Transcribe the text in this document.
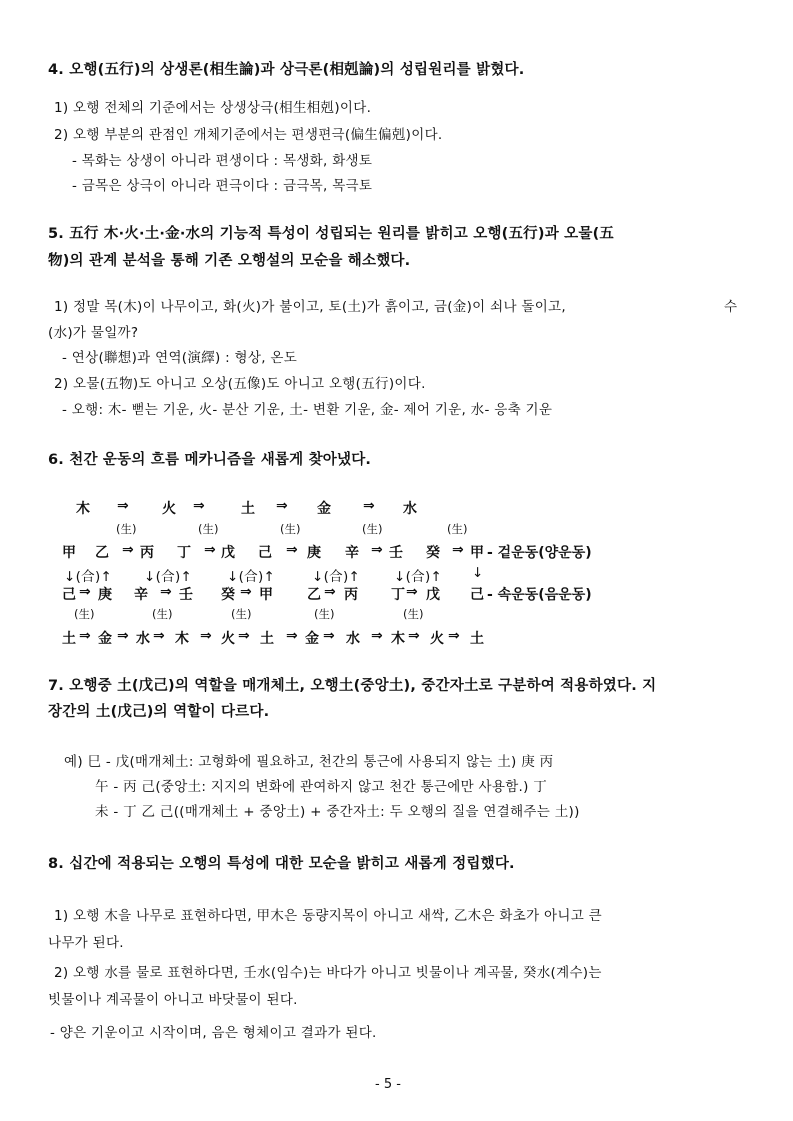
4. 오행(五行)의 상생론(相生論)과 상극론(相剋論)의 성립원리를 밝혔다.
1) 오행 전체의 기준에서는 상생상극(相生相剋)이다.
2) 오행 부분의 관점인 개체기준에서는 편생편극(偏生偏剋)이다.
- 목화는 상생이 아니라 편생이다 : 목생화, 화생토
- 금목은 상극이 아니라 편극이다 : 금극목, 목극토
5. 五行 木·火·土·金·水의 기능적 특성이 성립되는 원리를 밝히고 오행(五行)과 오물(五
物)의 관계 분석을 통해 기존 오행설의 모순을 해소했다.
1) 정말 목(木)이 나무이고, 화(火)가 불이고, 토(土)가 흙이고, 금(金)이 쇠나 돌이고,	수
(水)가 물일까?
- 연상(聯想)과 연역(演繹) : 형상, 온도
2) 오물(五物)도 아니고 오상(五像)도 아니고 오행(五行)이다.
- 오행: 木- 뻗는 기운, 火- 분산 기운, 土- 변환 기운, 金- 제어 기운, 水- 응축 기운
6. 천간 운동의 흐름 메카니즘을 새롭게 찾아냈다.
木 ⇒ 火 ⇒	土 ⇒ 金 ⇒ 水
(生)	(生)	(生)	(生)	(生)
甲 乙 ⇒ 丙 丁 ⇒ 戊 己 ⇒ 庚 辛 ⇒ 壬 癸 ⇒ 甲 - 겉운동(양운동)
↓(合)↑ ↓(合)↑	↓(合)↑	↓(合)↑	↓(合)↑ ↓
己 ⇒ 庚 辛 ⇒ 壬 癸 ⇒ 甲 乙 ⇒ 丙 丁 ⇒ 戊 己 - 속운동(음운동)
(生)	(生)	(生)	(生)	(生)
土 ⇒ 金 ⇒ 水 ⇒ 木 ⇒ 火 ⇒ 土 ⇒ 金 ⇒ 水 ⇒ 木 ⇒ 火 ⇒ 土
7. 오행중 土(戊己)의 역할을 매개체土, 오행土(중앙土), 중간자土로 구분하여 적용하였다. 지
장간의 土(戊己)의 역할이 다르다.
예) 巳 - 戊(매개체土: 고형화에 필요하고, 천간의 통근에 사용되지 않는 土) 庚 丙
午 - 丙 己(중앙土: 지지의 변화에 관여하지 않고 천간 통근에만 사용함.) 丁
未 - 丁 乙 己((매개체土 + 중앙土) + 중간자土: 두 오행의 질을 연결해주는 土))
8. 십간에 적용되는 오행의 특성에 대한 모순을 밝히고 새롭게 정립했다.
1) 오행 木을 나무로 표현하다면, 甲木은 동량지목이 아니고 새싹, 乙木은 화초가 아니고 큰
나무가 된다.
2) 오행 水를 물로 표현하다면, 壬水(임수)는 바다가 아니고 빗물이나 계곡물, 癸水(계수)는
빗물이나 계곡물이 아니고 바닷물이 된다.
- 양은 기운이고 시작이며, 음은 형체이고 결과가 된다.
- 5 -
